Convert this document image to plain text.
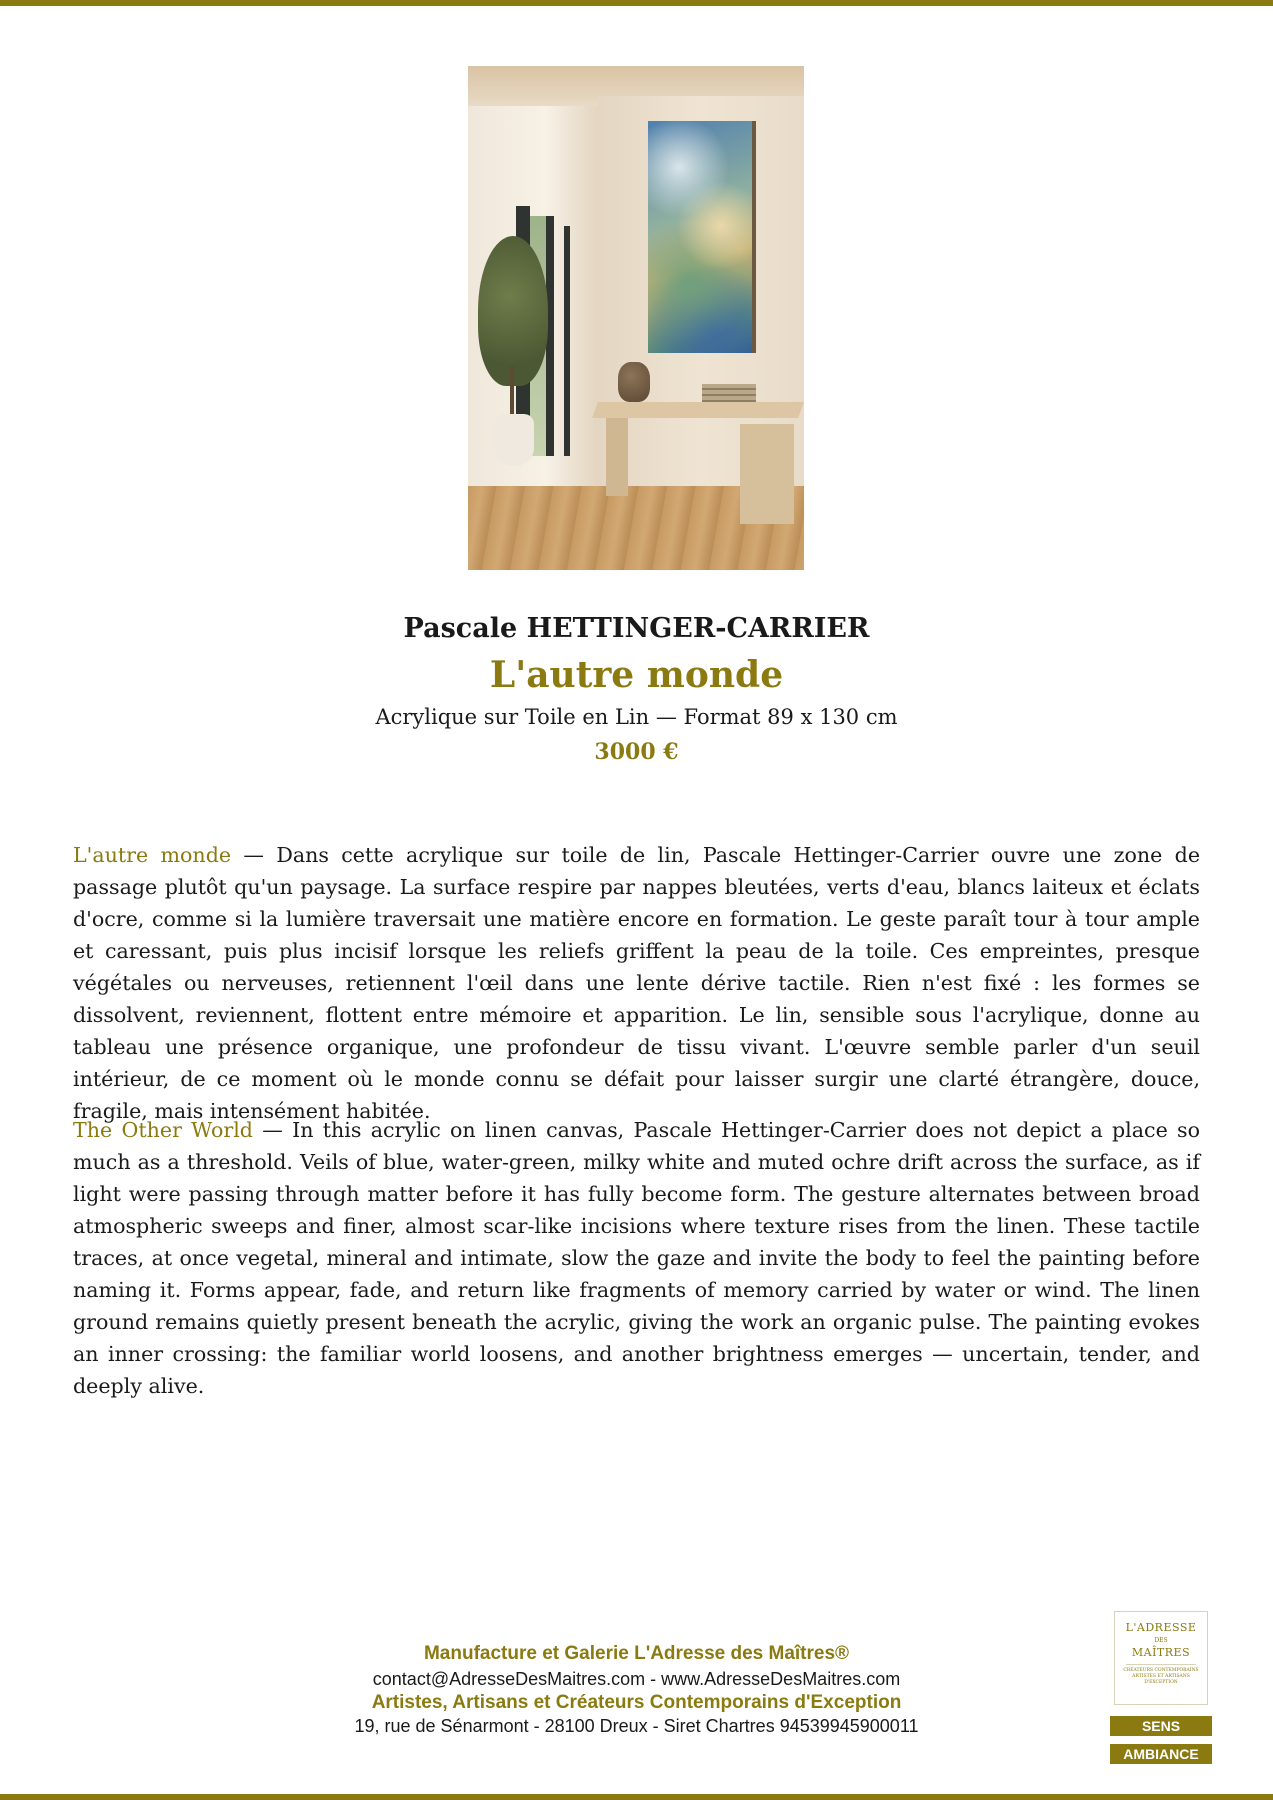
Pascale HETTINGER-CARRIER
L'autre monde
Acrylique sur Toile en Lin — Format 89 x 130 cm
3000 €

L'autre monde — Dans cette acrylique sur toile de lin, Pascale Hettinger-Carrier ouvre une zone de passage plutôt qu'un paysage. La surface respire par nappes bleutées, verts d'eau, blancs laiteux et éclats d'ocre, comme si la lumière traversait une matière encore en formation. Le geste paraît tour à tour ample et caressant, puis plus incisif lorsque les reliefs griffent la peau de la toile. Ces empreintes, presque végétales ou nerveuses, retiennent l'œil dans une lente dérive tactile. Rien n'est fixé : les formes se dissolvent, reviennent, flottent entre mémoire et apparition. Le lin, sensible sous l'acrylique, donne au tableau une présence organique, une profondeur de tissu vivant. L'œuvre semble parler d'un seuil intérieur, de ce moment où le monde connu se défait pour laisser surgir une clarté étrangère, douce, fragile, mais intensément habitée.

The Other World — In this acrylic on linen canvas, Pascale Hettinger-Carrier does not depict a place so much as a threshold. Veils of blue, water-green, milky white and muted ochre drift across the surface, as if light were passing through matter before it has fully become form. The gesture alternates between broad atmospheric sweeps and finer, almost scar-like incisions where texture rises from the linen. These tactile traces, at once vegetal, mineral and intimate, slow the gaze and invite the body to feel the painting before naming it. Forms appear, fade, and return like fragments of memory carried by water or wind. The linen ground remains quietly present beneath the acrylic, giving the work an organic pulse. The painting evokes an inner crossing: the familiar world loosens, and another brightness emerges — uncertain, tender, and deeply alive.

Manufacture et Galerie L'Adresse des Maîtres®
contact@AdresseDesMaitres.com - www.AdresseDesMaitres.com
Artistes, Artisans et Créateurs Contemporains d'Exception
19, rue de Sénarmont - 28100 Dreux - Siret Chartres 94539945900011
L'ADRESSE
DES
MAÎTRES
CRÉATEURS CONTEMPORAINS ARTISTES ET ARTISANS D'EXCEPTION
SENS
AMBIANCE
